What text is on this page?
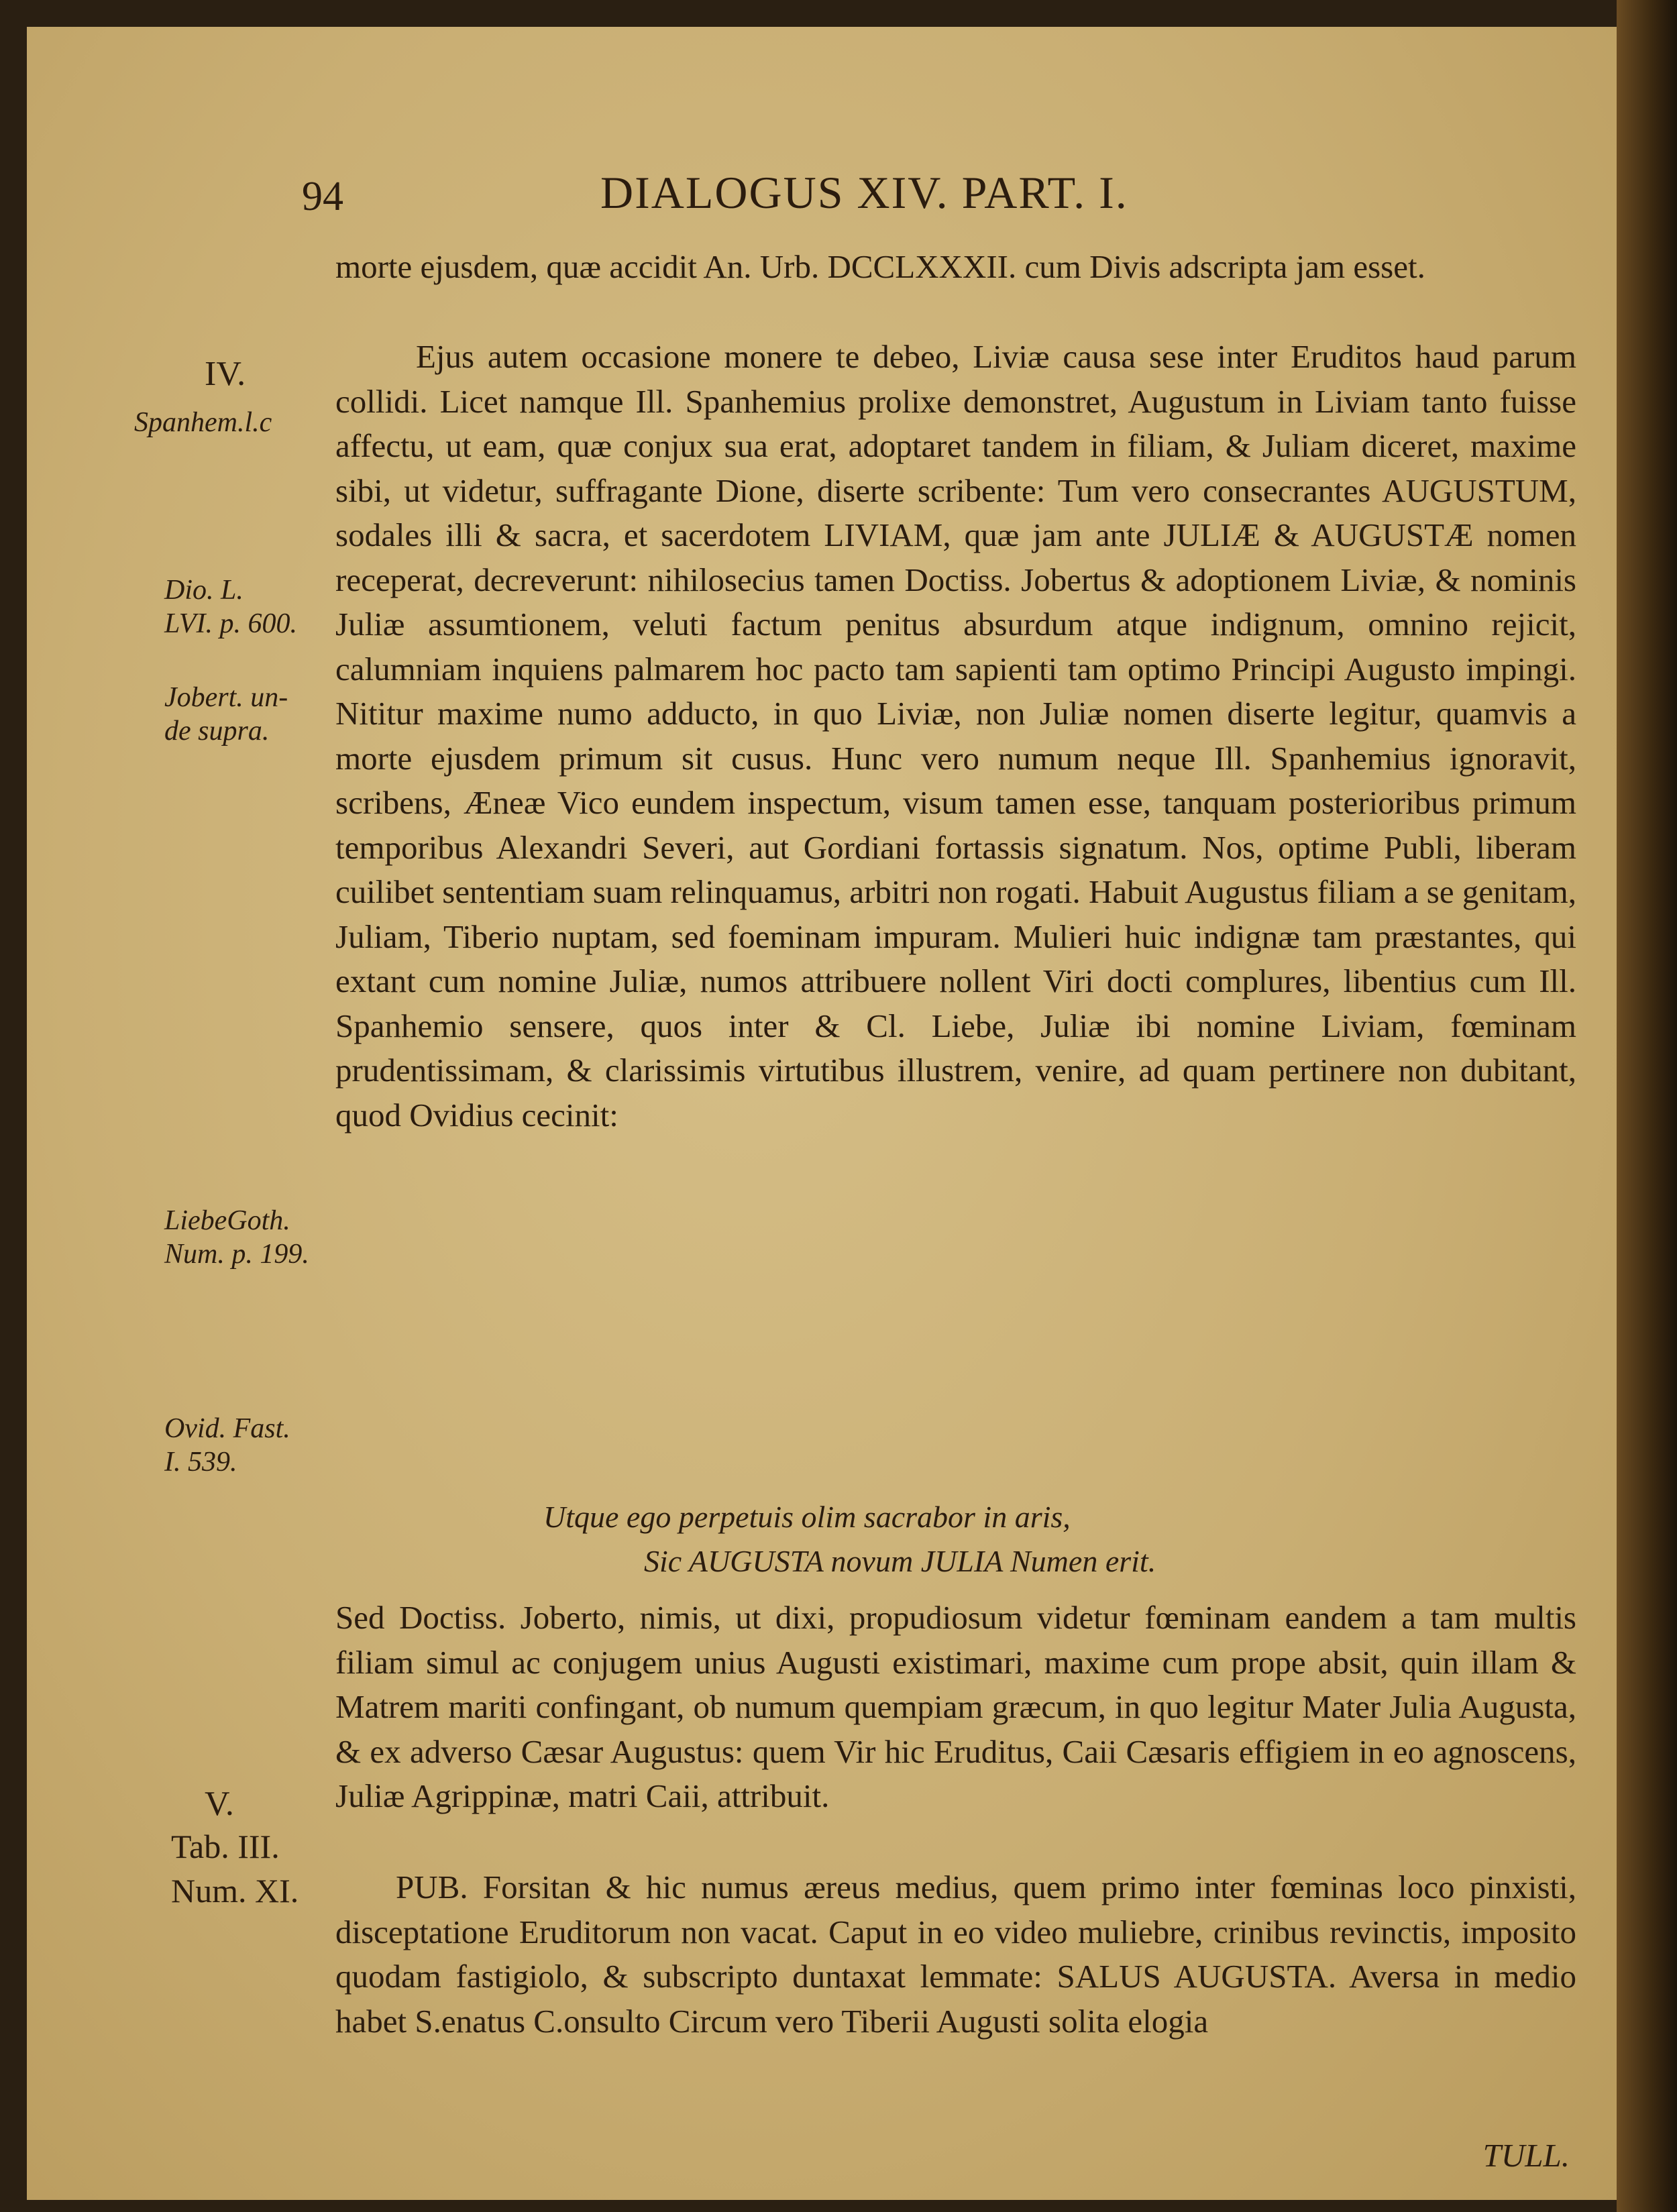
94	DIALOGUS XIV. PART. I.
IV.
V.
Spanhem.l.c
Dio. L. LVI. p. 600.
Jobert. un-de supra.
LiebeGoth. Num. p. 199.
Ovid. Fast. I. 539.
Tab. III. Num. XI.

morte ejusdem, quæ accidit An. Urb. DCCLXXXII. cum Divis adscripta jam esset.

Ejus autem occasione monere te debeo, Liviæ causa sese inter Eruditos haud parum collidi. Licet namque Ill. Spanhemius prolixe demonstret, Augustum in Liviam tanto fuisse affectu, ut eam, quæ conjux sua erat, adoptaret tandem in filiam, & Juliam diceret, maxime sibi, ut videtur, suffragante Dione, diserte scribente: Tum vero consecrantes AUGUSTUM, sodales illi & sacra, et sacerdotem LIVIAM, quæ jam ante JULIÆ & AUGUSTÆ nomen receperat, decreverunt: nihilosecius tamen Doctiss. Jobertus & adoptionem Liviæ, & nominis Juliæ assumtionem, veluti factum penitus absurdum atque indignum, omnino rejicit, calumniam inquiens palmarem hoc pacto tam sapienti tam optimo Principi Augusto impingi. Nititur maxime numo adducto, in quo Liviæ, non Juliæ nomen diserte legitur, quamvis a morte ejusdem primum sit cusus. Hunc vero numum neque Ill. Spanhemius ignoravit, scribens, Æneæ Vico eundem inspectum, visum tamen esse, tanquam posterioribus primum temporibus Alexandri Severi, aut Gordiani fortassis signatum. Nos, optime Publi, liberam cuilibet sententiam suam relinquamus, arbitri non rogati. Habuit Augustus filiam a se genitam, Juliam, Tiberio nuptam, sed foeminam impuram. Mulieri huic indignæ tam præstantes, qui extant cum nomine Juliæ, numos attribuere nollent Viri docti complures, libentius cum Ill. Spanhemio sensere, quos inter & Cl. Liebe, Juliæ ibi nomine Liviam, fœminam prudentissimam, & clarissimis virtutibus illustrem, venire, ad quam pertinere non dubitant, quod Ovidius cecinit:

Utque ego perpetuis olim sacrabor in aris,
Sic AUGUSTA novum JULIA Numen erit.

Sed Doctiss. Joberto, nimis, ut dixi, propudiosum videtur fœminam eandem a tam multis filiam simul ac conjugem unius Augusti existimari, maxime cum prope absit, quin illam & Matrem mariti confingant, ob numum quempiam græcum, in quo legitur Mater Julia Augusta, & ex adverso Cæsar Augustus: quem Vir hic Eruditus, Caii Cæsaris effigiem in eo agnoscens, Juliæ Agrippinæ, matri Caii, attribuit.

PUB. Forsitan & hic numus æreus medius, quem primo inter fœminas loco pinxisti, disceptatione Eruditorum non vacat. Caput in eo video muliebre, crinibus revinctis, imposito quodam fastigiolo, & subscripto duntaxat lemmate: SALUS AUGUSTA. Aversa in medio habet S.enatus C.onsulto Circum vero Tiberii Augusti solita elogia

TULL.
